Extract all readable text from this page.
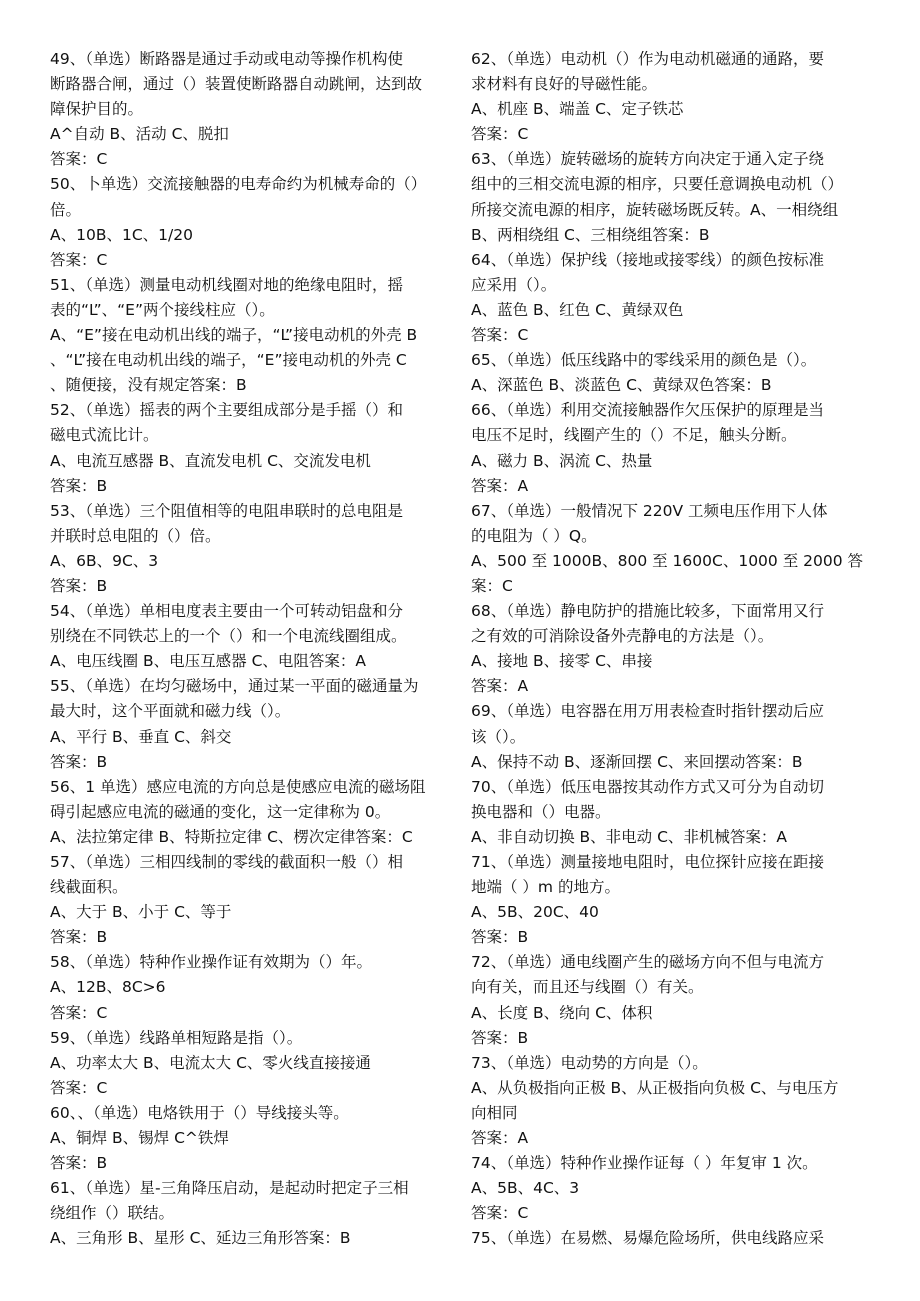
49、（单选）断路器是通过手动或电动等操作机构使
断路器合闸，通过（）装置使断路器自动跳闸，达到故
障保护目的。
A^自动 B、活动 C、脱扣
答案：C
50、卜单选）交流接触器的电寿命约为机械寿命的（）
倍。
A、10B、1C、1/20
答案：C
51、（单选）测量电动机线圈对地的绝缘电阻时，摇
表的“L”、“E”两个接线柱应（）。
A、“E”接在电动机出线的端子，“L”接电动机的外壳 B
、“L”接在电动机出线的端子，“E”接电动机的外壳 C
、随便接，没有规定答案：B
52、（单选）摇表的两个主要组成部分是手摇（）和
磁电式流比计。
A、电流互感器 B、直流发电机 C、交流发电机
答案：B
53、（单选）三个阻值相等的电阻串联时的总电阻是
并联时总电阻的（）倍。
A、6B、9C、3
答案：B
54、（单选）单相电度表主要由一个可转动铝盘和分
别绕在不同铁芯上的一个（）和一个电流线圈组成。
A、电压线圈 B、电压互感器 C、电阻答案：A
55、（单选）在均匀磁场中，通过某一平面的磁通量为
最大时，这个平面就和磁力线（）。
A、平行 B、垂直 C、斜交
答案：B
56、1 单选）感应电流的方向总是使感应电流的磁场阻
碍引起感应电流的磁通的变化，这一定律称为 0。
A、法拉第定律 B、特斯拉定律 C、楞次定律答案：C
57、（单选）三相四线制的零线的截面积一般（）相
线截面积。
A、大于 B、小于 C、等于
答案：B
58、（单选）特种作业操作证有效期为（）年。
A、12B、8C>6
答案：C
59、（单选）线路单相短路是指（）。
A、功率太大 B、电流太大 C、零火线直接接通
答案：C
60、、（单选）电烙铁用于（）导线接头等。
A、铜焊 B、锡焊 C^铁焊
答案：B
61、（单选）星-三角降压启动，是起动时把定子三相
绕组作（）联结。
A、三角形 B、星形 C、延边三角形答案：B
62、（单选）电动机（）作为电动机磁通的通路，要
求材料有良好的导磁性能。
A、机座 B、端盖 C、定子铁芯
答案：C
63、（单选）旋转磁场的旋转方向决定于通入定子绕
组中的三相交流电源的相序，只要任意调换电动机（）
所接交流电源的相序，旋转磁场既反转。A、一相绕组
B、两相绕组 C、三相绕组答案：B
64、（单选）保护线（接地或接零线）的颜色按标准
应采用（）。
A、蓝色 B、红色 C、黄绿双色
答案：C
65、（单选）低压线路中的零线采用的颜色是（）。
A、深蓝色 B、淡蓝色 C、黄绿双色答案：B
66、（单选）利用交流接触器作欠压保护的原理是当
电压不足时，线圈产生的（）不足，触头分断。
A、磁力 B、涡流 C、热量
答案：A
67、（单选）一般情况下 220V 工频电压作用下人体
的电阻为（ ）Q。
A、500 至 1000B、800 至 1600C、1000 至 2000 答
案：C
68、（单选）静电防护的措施比较多，下面常用又行
之有效的可消除设备外壳静电的方法是（）。
A、接地 B、接零 C、串接
答案：A
69、（单选）电容器在用万用表检查时指针摆动后应
该（）。
A、保持不动 B、逐渐回摆 C、来回摆动答案：B
70、（单选）低压电器按其动作方式又可分为自动切
换电器和（）电器。
A、非自动切换 B、非电动 C、非机械答案：A
71、（单选）测量接地电阻时，电位探针应接在距接
地端（ ）m 的地方。
A、5B、20C、40
答案：B
72、（单选）通电线圈产生的磁场方向不但与电流方
向有关，而且还与线圈（）有关。
A、长度 B、绕向 C、体积
答案：B
73、（单选）电动势的方向是（）。
A、从负极指向正极 B、从正极指向负极 C、与电压方
向相同
答案：A
74、（单选）特种作业操作证每（ ）年复审 1 次。
A、5B、4C、3
答案：C
75、（单选）在易燃、易爆危险场所，供电线路应采
